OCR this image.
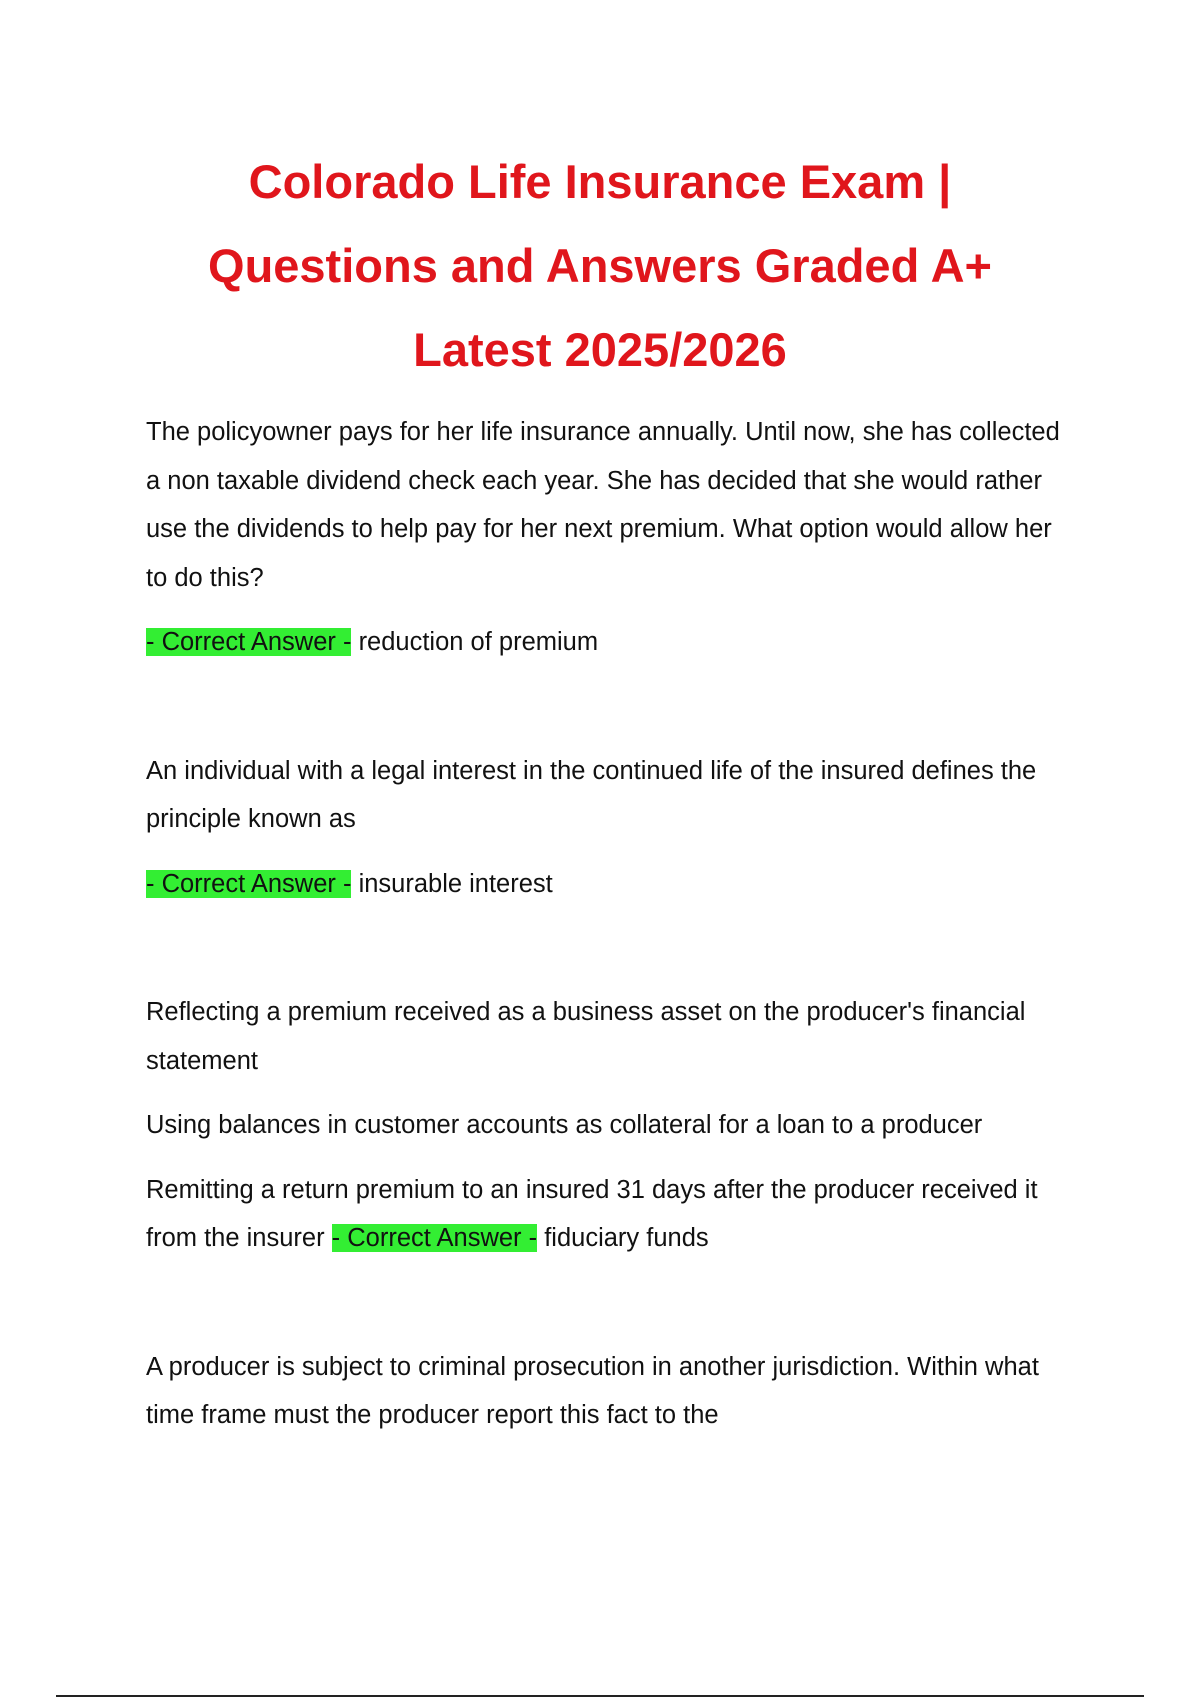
Colorado Life Insurance Exam |
Questions and Answers Graded A+
Latest 2025/2026

The policyowner pays for her life insurance annually. Until now, she has collected a non taxable dividend check each year. She has decided that she would rather use the dividends to help pay for her next premium. What option would allow her to do this?

- Correct Answer - reduction of premium

An individual with a legal interest in the continued life of the insured defines the principle known as

- Correct Answer - insurable interest

Reflecting a premium received as a business asset on the producer's financial statement

Using balances in customer accounts as collateral for a loan to a producer

Remitting a return premium to an insured 31 days after the producer received it from the insurer - Correct Answer - fiduciary funds

A producer is subject to criminal prosecution in another jurisdiction. Within what time frame must the producer report this fact to the
